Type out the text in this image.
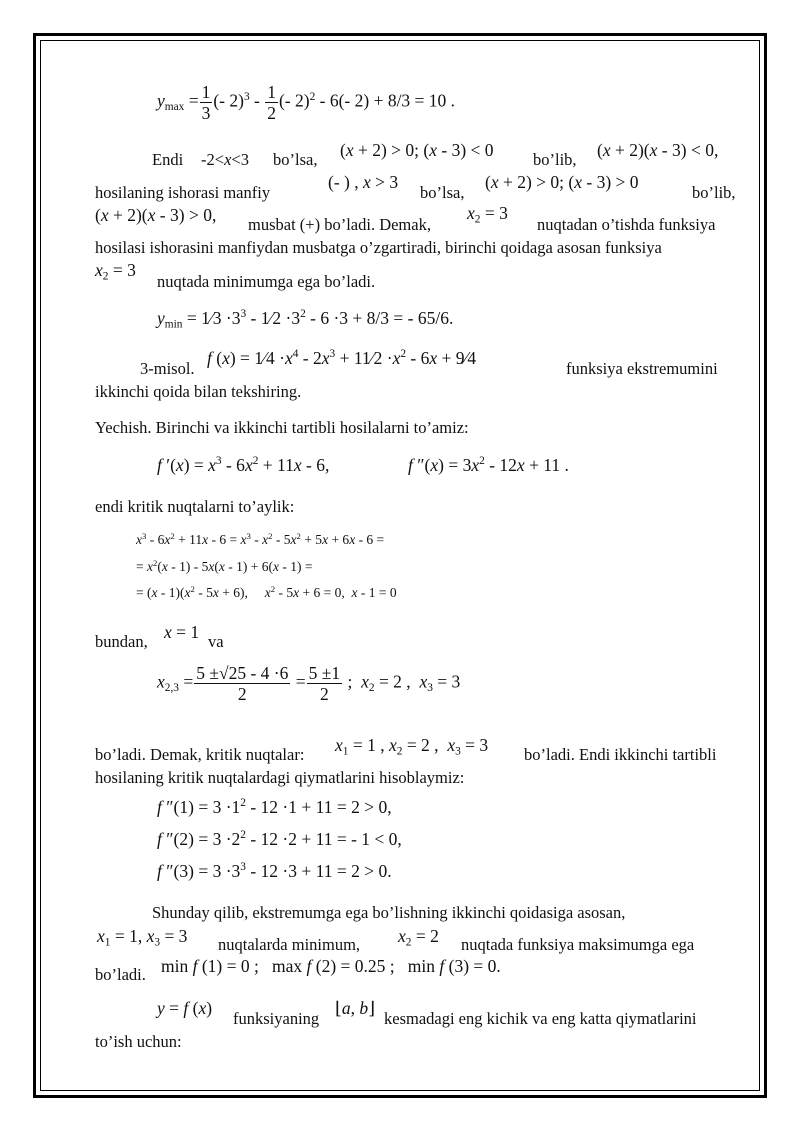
$y_{max} = \frac{1}{3}$ (- $2)^3 - \frac{1}{2}$ (- 2)$^2$ - 6(- 2) + 8/3 = 10 .
Endi -2<x<3 bo’lsa, (x + 2) > 0; (x - 3) < 0 bo’lib, (x + 2)(x - 3) < 0,
hosilaning ishorasi manfiy
(- ) , x > 3
bo’lsa,
(x + 2) > 0; (x - 3) > 0
bo’lib,
(x + 2)(x - 3) > 0, musbat (+) bo’ladi. Demak,
$x_2 = 3$
nuqtadan o’tishda funksiya
hosilasi ishorasini manfiydan musbatga o’zgartiradi, birinchi qoidaga asosan funksiya
$x_2 = 3$
nuqtada minimumga ega bo’ladi.
$y_{min}$ = 1⁄3 $\cdot 3^3$ - 1⁄2 $\cdot 3^2 - 6 \cdot 3 + 8/3$ = - 65/6.
3-misol.
f (x) = 1⁄4 $\cdot x^4 - 2x^3$ + 11⁄2 $\cdot x^2 - 6x$ + 9⁄4
funksiya ekstremumini
ikkinchi qoida bilan tekshiring.
Yechish. Birinchi va ikkinchi tartibli hosilalarni to’amiz:
f $'(x) = x^3 - 6x^2 + 11x - 6$,	f $''(x) = 3x^2 - 12x + 11$ .
endi kritik nuqtalarni to’aylik:
$x^3 - 6x^2 + 11x - 6 = x^3 - x^2 - 5x^2 + 5x + 6x - 6$ =
= $x^2(x - 1) - 5x(x - 1) + 6(x - 1)$ =
= $(x - 1)(x^2 - 5x + 6)$,     $x^2 - 5x + 6 = 0$,  x - 1 = 0
bundan, x = 1 va
$x_{2,3} = \frac{5 \pm√25 - 4 \cdot 6}{2} = \frac{5 \pm 1}{2}$ ;  $x_2 = 2$ ,  $x_3 = 3$
bo’ladi. Demak, kritik nuqtalar: $x_1 = 1$ , $x_2 = 2$ ,  $x_3 = 3$ bo’ladi. Endi ikkinchi tartibli
hosilaning kritik nuqtalardagi qiymatlarini hisoblaymiz:
f $''(1) = 3 \cdot 1^2 - 12 \cdot 1 + 11 = 2 > 0$,
f $''(2) = 3 \cdot 2^2 - 12 \cdot 2 + 11$ = - 1 < 0,
f $''(3) = 3 \cdot 3^3 - 12 \cdot 3 + 11 = 2 > 0$.
Shunday qilib, ekstremumga ega bo’lishning ikkinchi qoidasiga asosan,
$x_1 = 1$, $x_3 = 3$ nuqtalarda minimum, $x_2 = 2$ nuqtada funksiya maksimumga ega
bo’ladi. min f (1) = 0 ;   max f (2) = 0.25 ;   min f (3) = 0.
y = f (x)
funksiyaning
⌊a, b⌋
kesmadagi eng kichik va eng katta qiymatlarini
to’ish uchun:
